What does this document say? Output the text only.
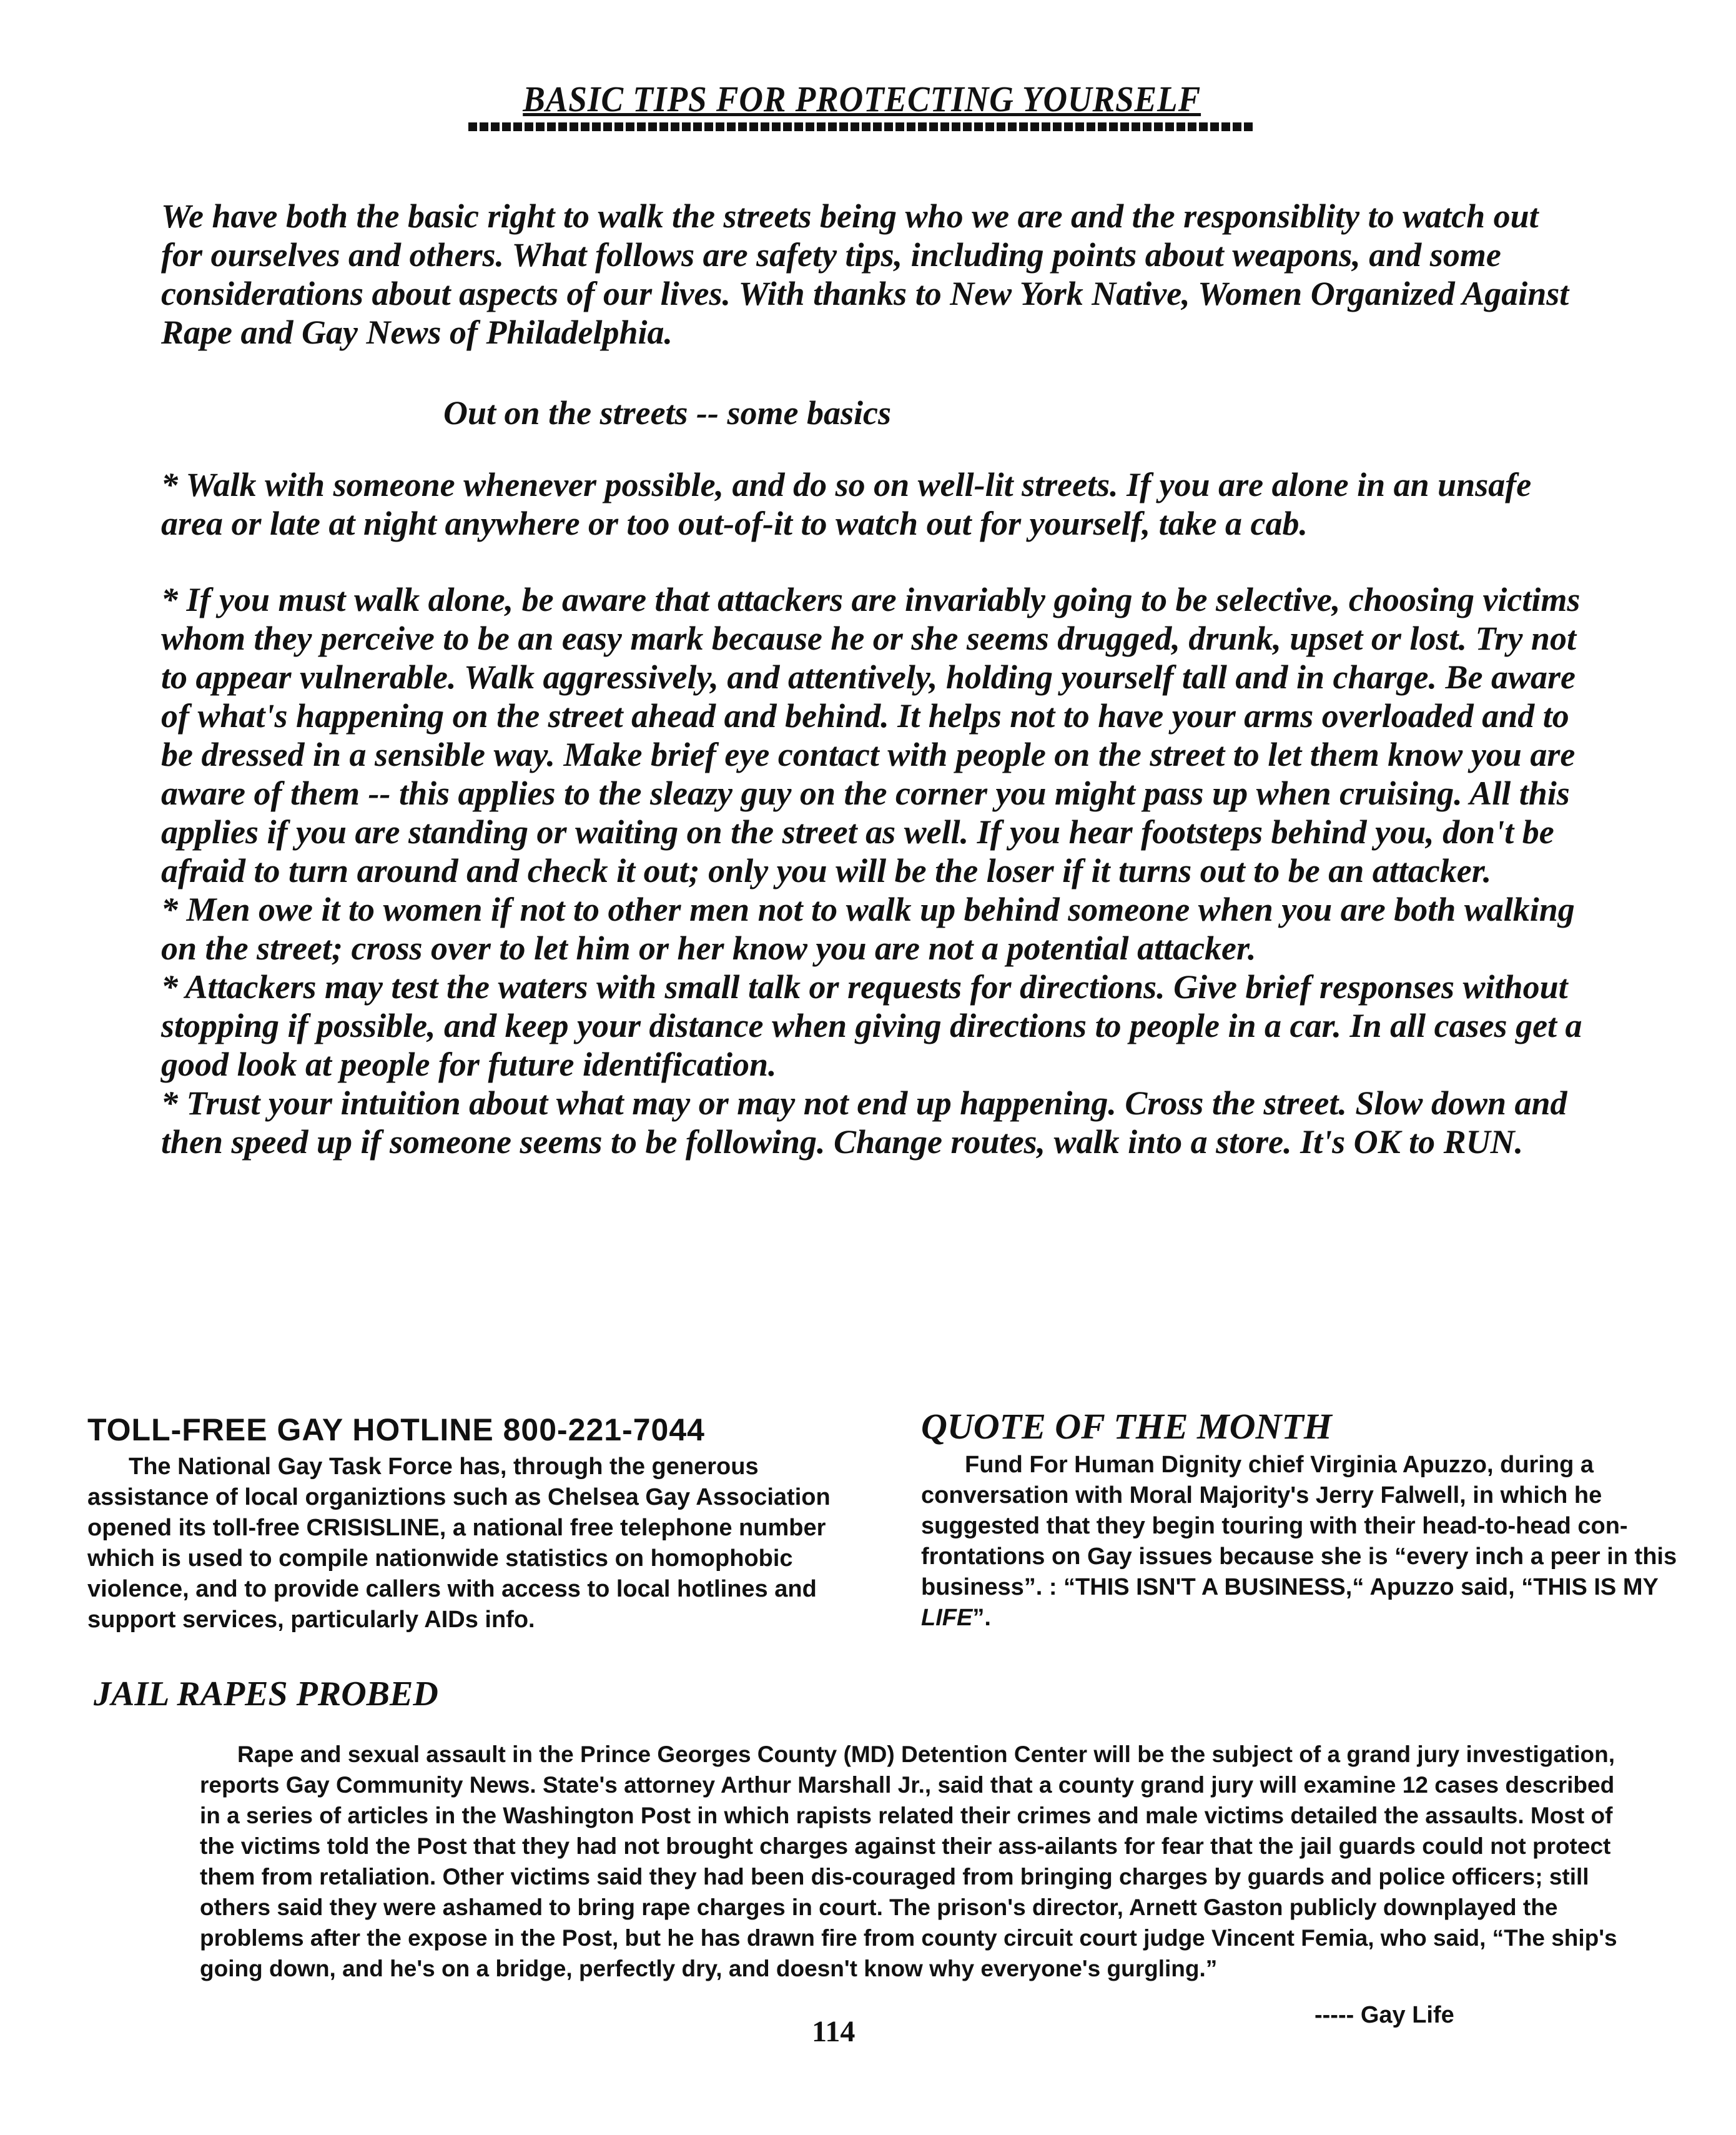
BASIC TIPS FOR PROTECTING YOURSELF
We have both the basic right to walk the streets being who we are and the responsiblity to watch out for ourselves and others. What follows are safety tips, including points about weapons, and some considerations about aspects of our lives. With thanks to New York Native, Women Organized Against Rape and Gay News of Philadelphia.
Out on the streets -- some basics

* Walk with someone whenever possible, and do so on well-lit streets. If you are alone in an unsafe area or late at night anywhere or too out-of-it to watch out for yourself, take a cab.

* If you must walk alone, be aware that attackers are invariably going to be selective, choosing victims whom they perceive to be an easy mark because he or she seems drugged, drunk, upset or lost. Try not to appear vulnerable. Walk aggressively, and attentively, holding yourself tall and in charge. Be aware of what's happening on the street ahead and behind. It helps not to have your arms overloaded and to be dressed in a sensible way. Make brief eye contact with people on the street to let them know you are aware of them -- this applies to the sleazy guy on the corner you might pass up when cruising. All this applies if you are standing or waiting on the street as well. If you hear footsteps behind you, don't be afraid to turn around and check it out; only you will be the loser if it turns out to be an attacker.

* Men owe it to women if not to other men not to walk up behind someone when you are both walking on the street; cross over to let him or her know you are not a potential attacker.

* Attackers may test the waters with small talk or requests for directions. Give brief responses without stopping if possible, and keep your distance when giving directions to people in a car. In all cases get a good look at people for future identification.

* Trust your intuition about what may or may not end up happening. Cross the street. Slow down and then speed up if someone seems to be following. Change routes, walk into a store. It's OK to RUN.

TOLL-FREE GAY HOTLINE 800-221-7044

The National Gay Task Force has, through the generous assistance of local organiztions such as Chelsea Gay Association opened its toll-free CRISISLINE, a national free telephone number which is used to compile nationwide statistics on homophobic violence, and to provide callers with access to local hotlines and support services, particularly AIDs info.

QUOTE OF THE MONTH

Fund For Human Dignity chief Virginia Apuzzo, during a conversation with Moral Majority's Jerry Falwell, in which he suggested that they begin touring with their head-to-head con-frontations on Gay issues because she is “every inch a peer in this business”. : “THIS ISN'T A BUSINESS,“ Apuzzo said, “THIS IS MY LIFE”.

JAIL RAPES PROBED

Rape and sexual assault in the Prince Georges County (MD) Detention Center will be the subject of a grand jury investigation, reports Gay Community News. State's attorney Arthur Marshall Jr., said that a county grand jury will examine 12 cases described in a series of articles in the Washington Post in which rapists related their crimes and male victims detailed the assaults. Most of the victims told the Post that they had not brought charges against their ass-ailants for fear that the jail guards could not protect them from retaliation. Other victims said they had been dis-couraged from bringing charges by guards and police officers; still others said they were ashamed to bring rape charges in court. The prison's director, Arnett Gaston publicly downplayed the problems after the expose in the Post, but he has drawn fire from county circuit court judge Vincent Femia, who said, “The ship's going down, and he's on a bridge, perfectly dry, and doesn't know why everyone's gurgling.”

----- Gay Life
114
